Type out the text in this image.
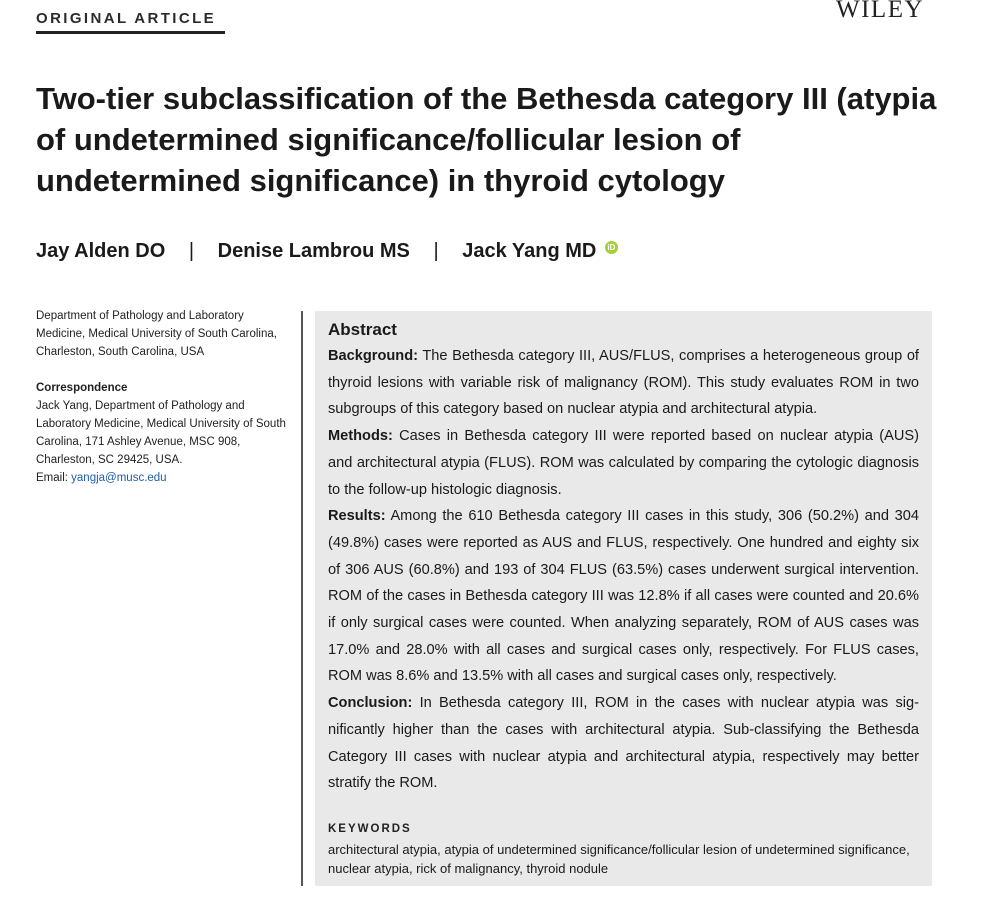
ORIGINAL ARTICLE	WILEY
Two-tier subclassification of the Bethesda category III (atypia of undetermined significance/follicular lesion of undetermined significance) in thyroid cytology
Jay Alden DO | Denise Lambrou MS | Jack Yang MD iD
Department of Pathology and Laboratory Medicine, Medical University of South Carolina, Charleston, South Carolina, USA
Correspondence
Jack Yang, Department of Pathology and Laboratory Medicine, Medical University of South Carolina, 171 Ashley Avenue, MSC 908, Charleston, SC 29425, USA.
Email: yangja@musc.edu
Abstract

Background: The Bethesda category III, AUS/FLUS, comprises a heterogeneous group of thyroid lesions with variable risk of malignancy (ROM). This study evaluates ROM in two subgroups of this category based on nuclear atypia and architectural atypia.

Methods: Cases in Bethesda category III were reported based on nuclear atypia (AUS) and architectural atypia (FLUS). ROM was calculated by comparing the cytologic diagnosis to the follow-up histologic diagnosis.

Results: Among the 610 Bethesda category III cases in this study, 306 (50.2%) and 304 (49.8%) cases were reported as AUS and FLUS, respectively. One hundred and eighty six of 306 AUS (60.8%) and 193 of 304 FLUS (63.5%) cases underwent surgical intervention. ROM of the cases in Bethesda category III was 12.8% if all cases were counted and 20.6% if only surgical cases were counted. When analyzing separately, ROM of AUS cases was 17.0% and 28.0% with all cases and surgical cases only, respectively. For FLUS cases, ROM was 8.6% and 13.5% with all cases and surgical cases only, respectively.

Conclusion: In Bethesda category III, ROM in the cases with nuclear atypia was significantly higher than the cases with architectural atypia. Sub-classifying the Bethesda Category III cases with nuclear atypia and architectural atypia, respectively may better stratify the ROM.

KEYWORDS
architectural atypia, atypia of undetermined significance/follicular lesion of undetermined significance, nuclear atypia, rick of malignancy, thyroid nodule
